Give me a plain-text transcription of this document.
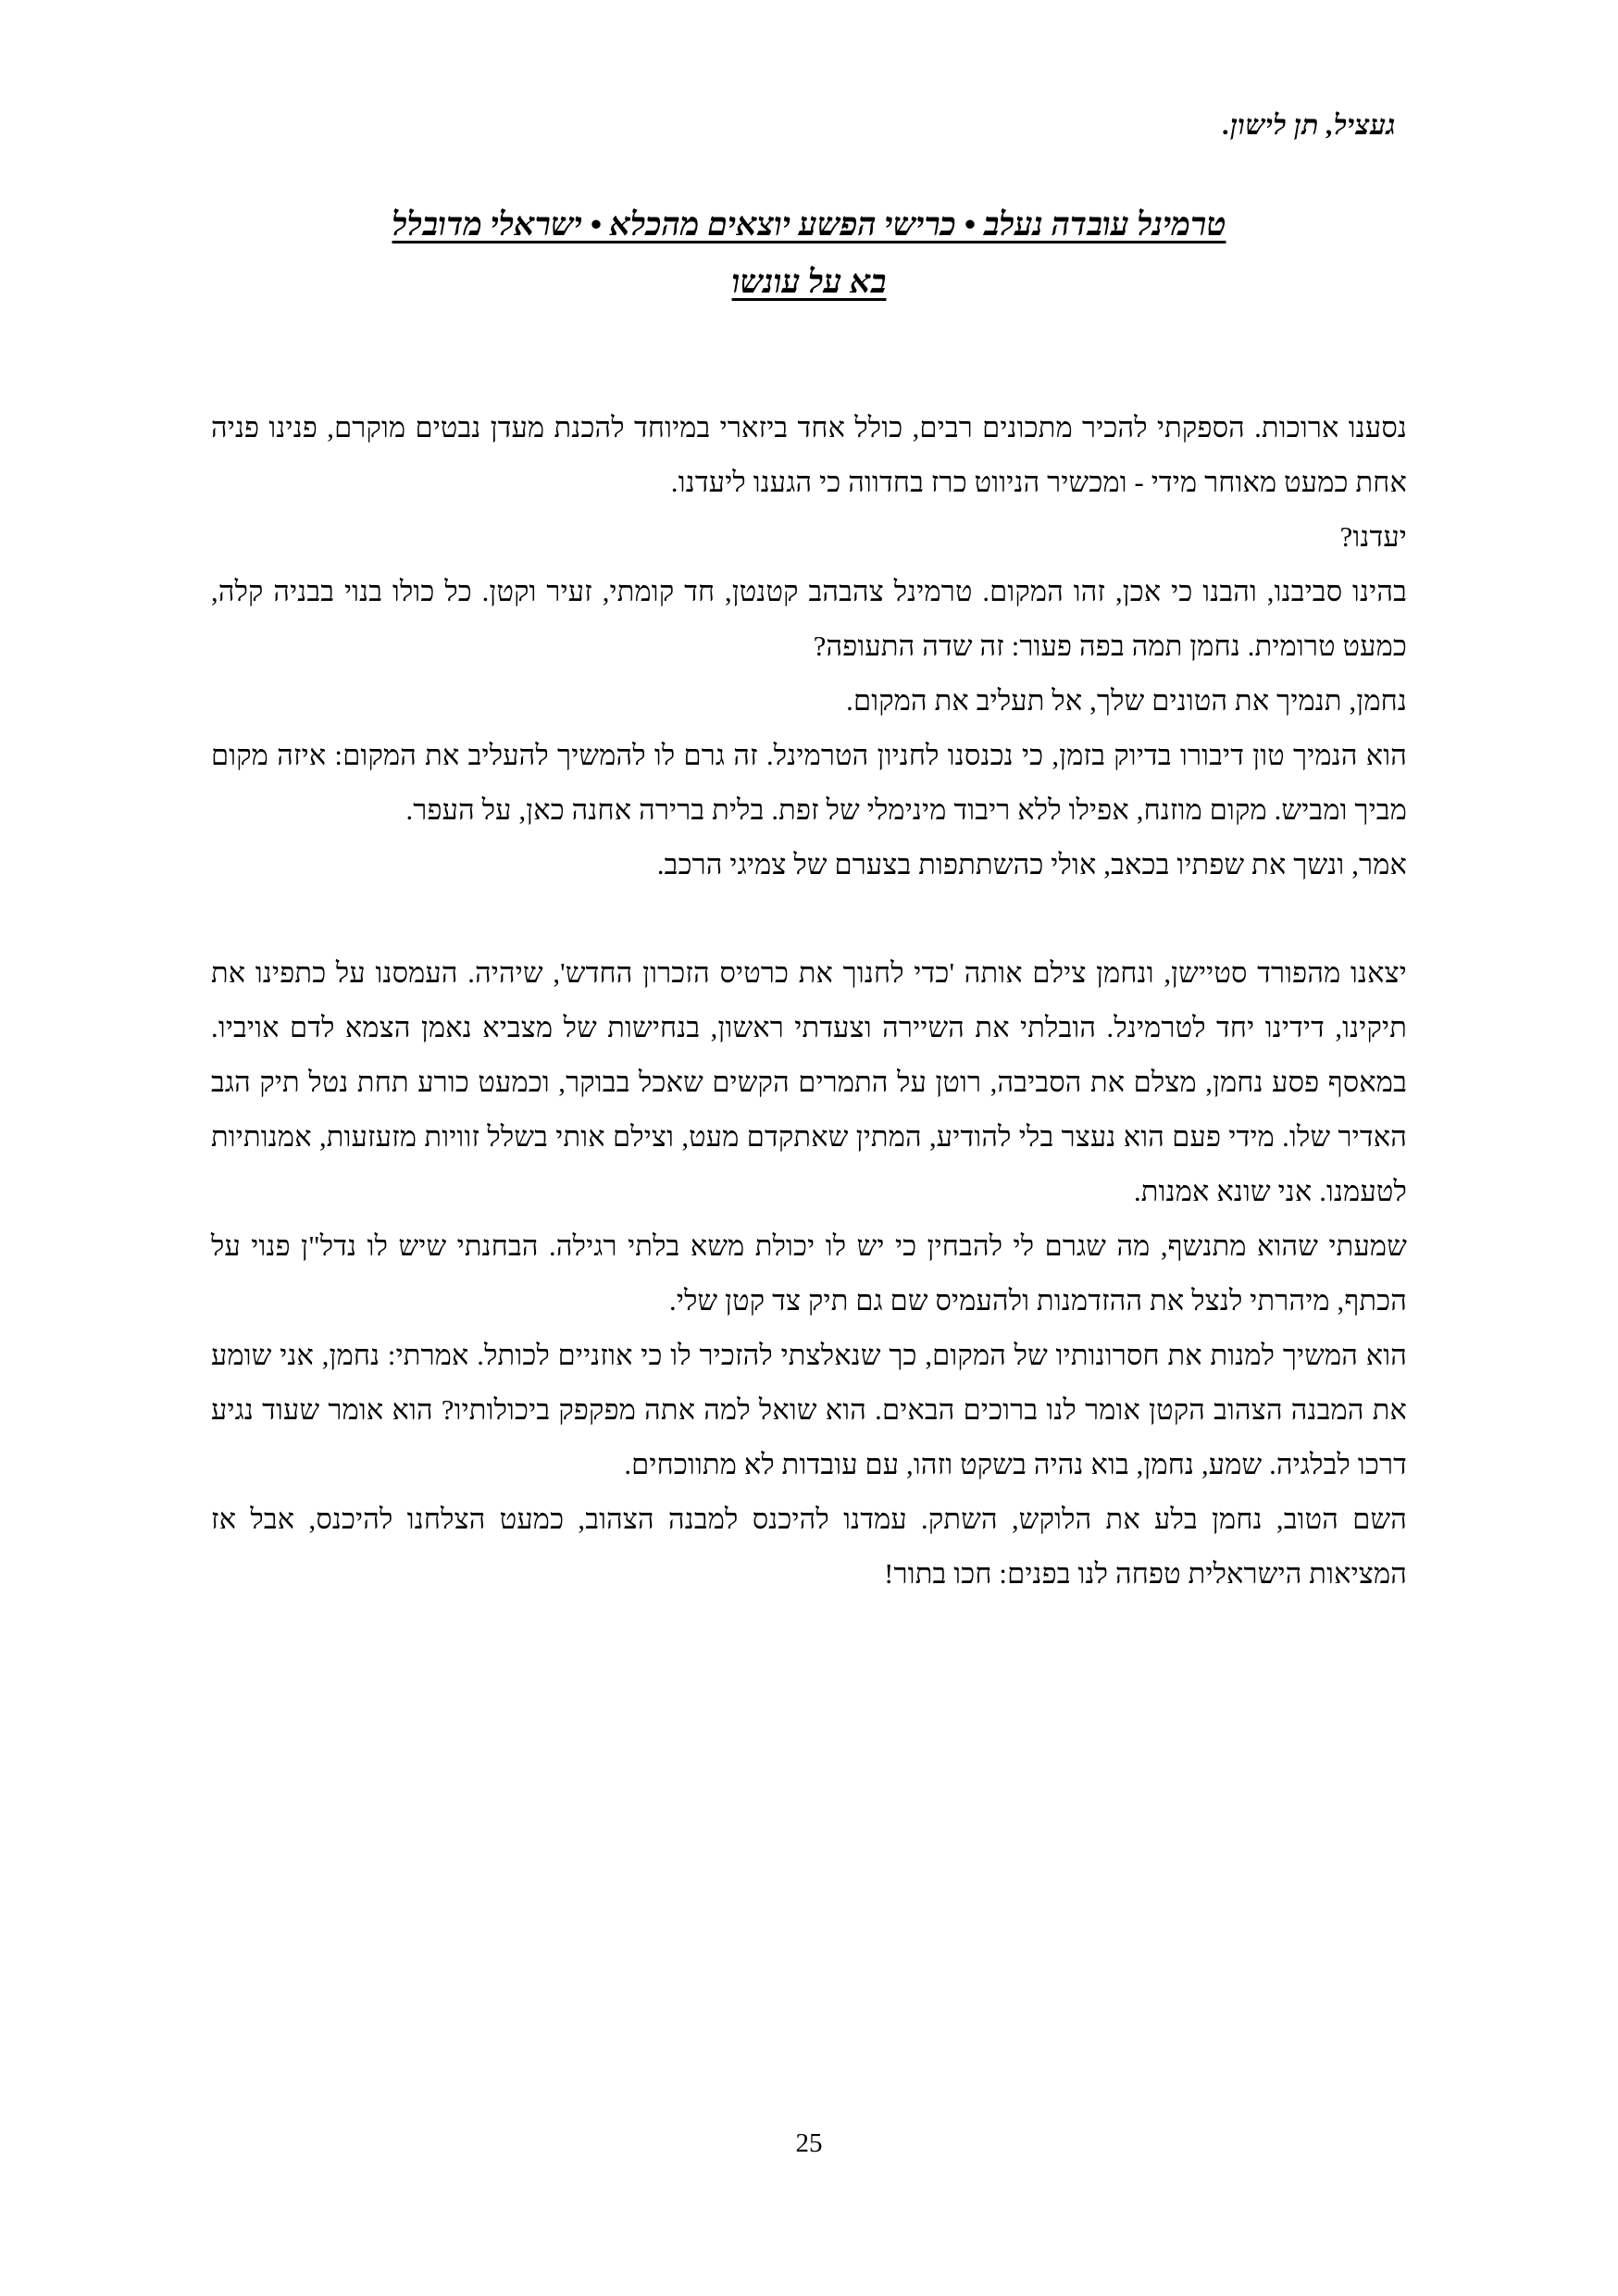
געציל, תן לישון.
טרמינל עובדה נעלב • כרישי הפשע יוצאים מהכלא • ישראלי מדובלל
בא על עונשו

נסענו ארוכות. הספקתי להכיר מתכונים רבים, כולל אחד ביזארי במיוחד להכנת מעדן נבטים מוקרם, פנינו פניה אחת כמעט מאוחר מידי - ומכשיר הניווט כרז בחדווה כי הגענו ליעדנו.

יעדנו?

בהינו סביבנו, והבנו כי אכן, זהו המקום. טרמינל צהבהב קטנטן, חד קומתי, זעיר וקטן. כל כולו בנוי בבניה קלה, כמעט טרומית. נחמן תמה בפה פעור: זה שדה התעופה?

נחמן, תנמיך את הטונים שלך, אל תעליב את המקום.

הוא הנמיך טון דיבורו בדיוק בזמן, כי נכנסנו לחניון הטרמינל. זה גרם לו להמשיך להעליב את המקום: איזה מקום מביך ומביש. מקום מוזנח, אפילו ללא ריבוד מינימלי של זפת. בלית ברירה אחנה כאן, על העפר.

אמר, ונשך את שפתיו בכאב, אולי כהשתתפות בצערם של צמיגי הרכב.

יצאנו מהפורד סטיישן, ונחמן צילם אותה 'כדי לחנוך את כרטיס הזכרון החדש', שיהיה. העמסנו על כתפינו את תיקינו, דידינו יחד לטרמינל. הובלתי את השיירה וצעדתי ראשון, בנחישות של מצביא נאמן הצמא לדם אויביו. במאסף פסע נחמן, מצלם את הסביבה, רוטן על התמרים הקשים שאכל בבוקר, וכמעט כורע תחת נטל תיק הגב האדיר שלו. מידי פעם הוא נעצר בלי להודיע, המתין שאתקדם מעט, וצילם אותי בשלל זוויות מזעזעות, אמנותיות לטעמנו. אני שונא אמנות.

שמעתי שהוא מתנשף, מה שגרם לי להבחין כי יש לו יכולת משא בלתי רגילה. הבחנתי שיש לו נדל"ן פנוי על הכתף, מיהרתי לנצל את ההזדמנות ולהעמיס שם גם תיק צד קטן שלי.

הוא המשיך למנות את חסרונותיו של המקום, כך שנאלצתי להזכיר לו כי אוזניים לכותל. אמרתי: נחמן, אני שומע את המבנה הצהוב הקטן אומר לנו ברוכים הבאים. הוא שואל למה אתה מפקפק ביכולותיו? הוא אומר שעוד נגיע דרכו לבלגיה. שמע, נחמן, בוא נהיה בשקט וזהו, עם עובדות לא מתווכחים.

השם הטוב, נחמן בלע את הלוקש, השתק. עמדנו להיכנס למבנה הצהוב, כמעט הצלחנו להיכנס, אבל אז המציאות הישראלית טפחה לנו בפנים: חכו בתור!

25
